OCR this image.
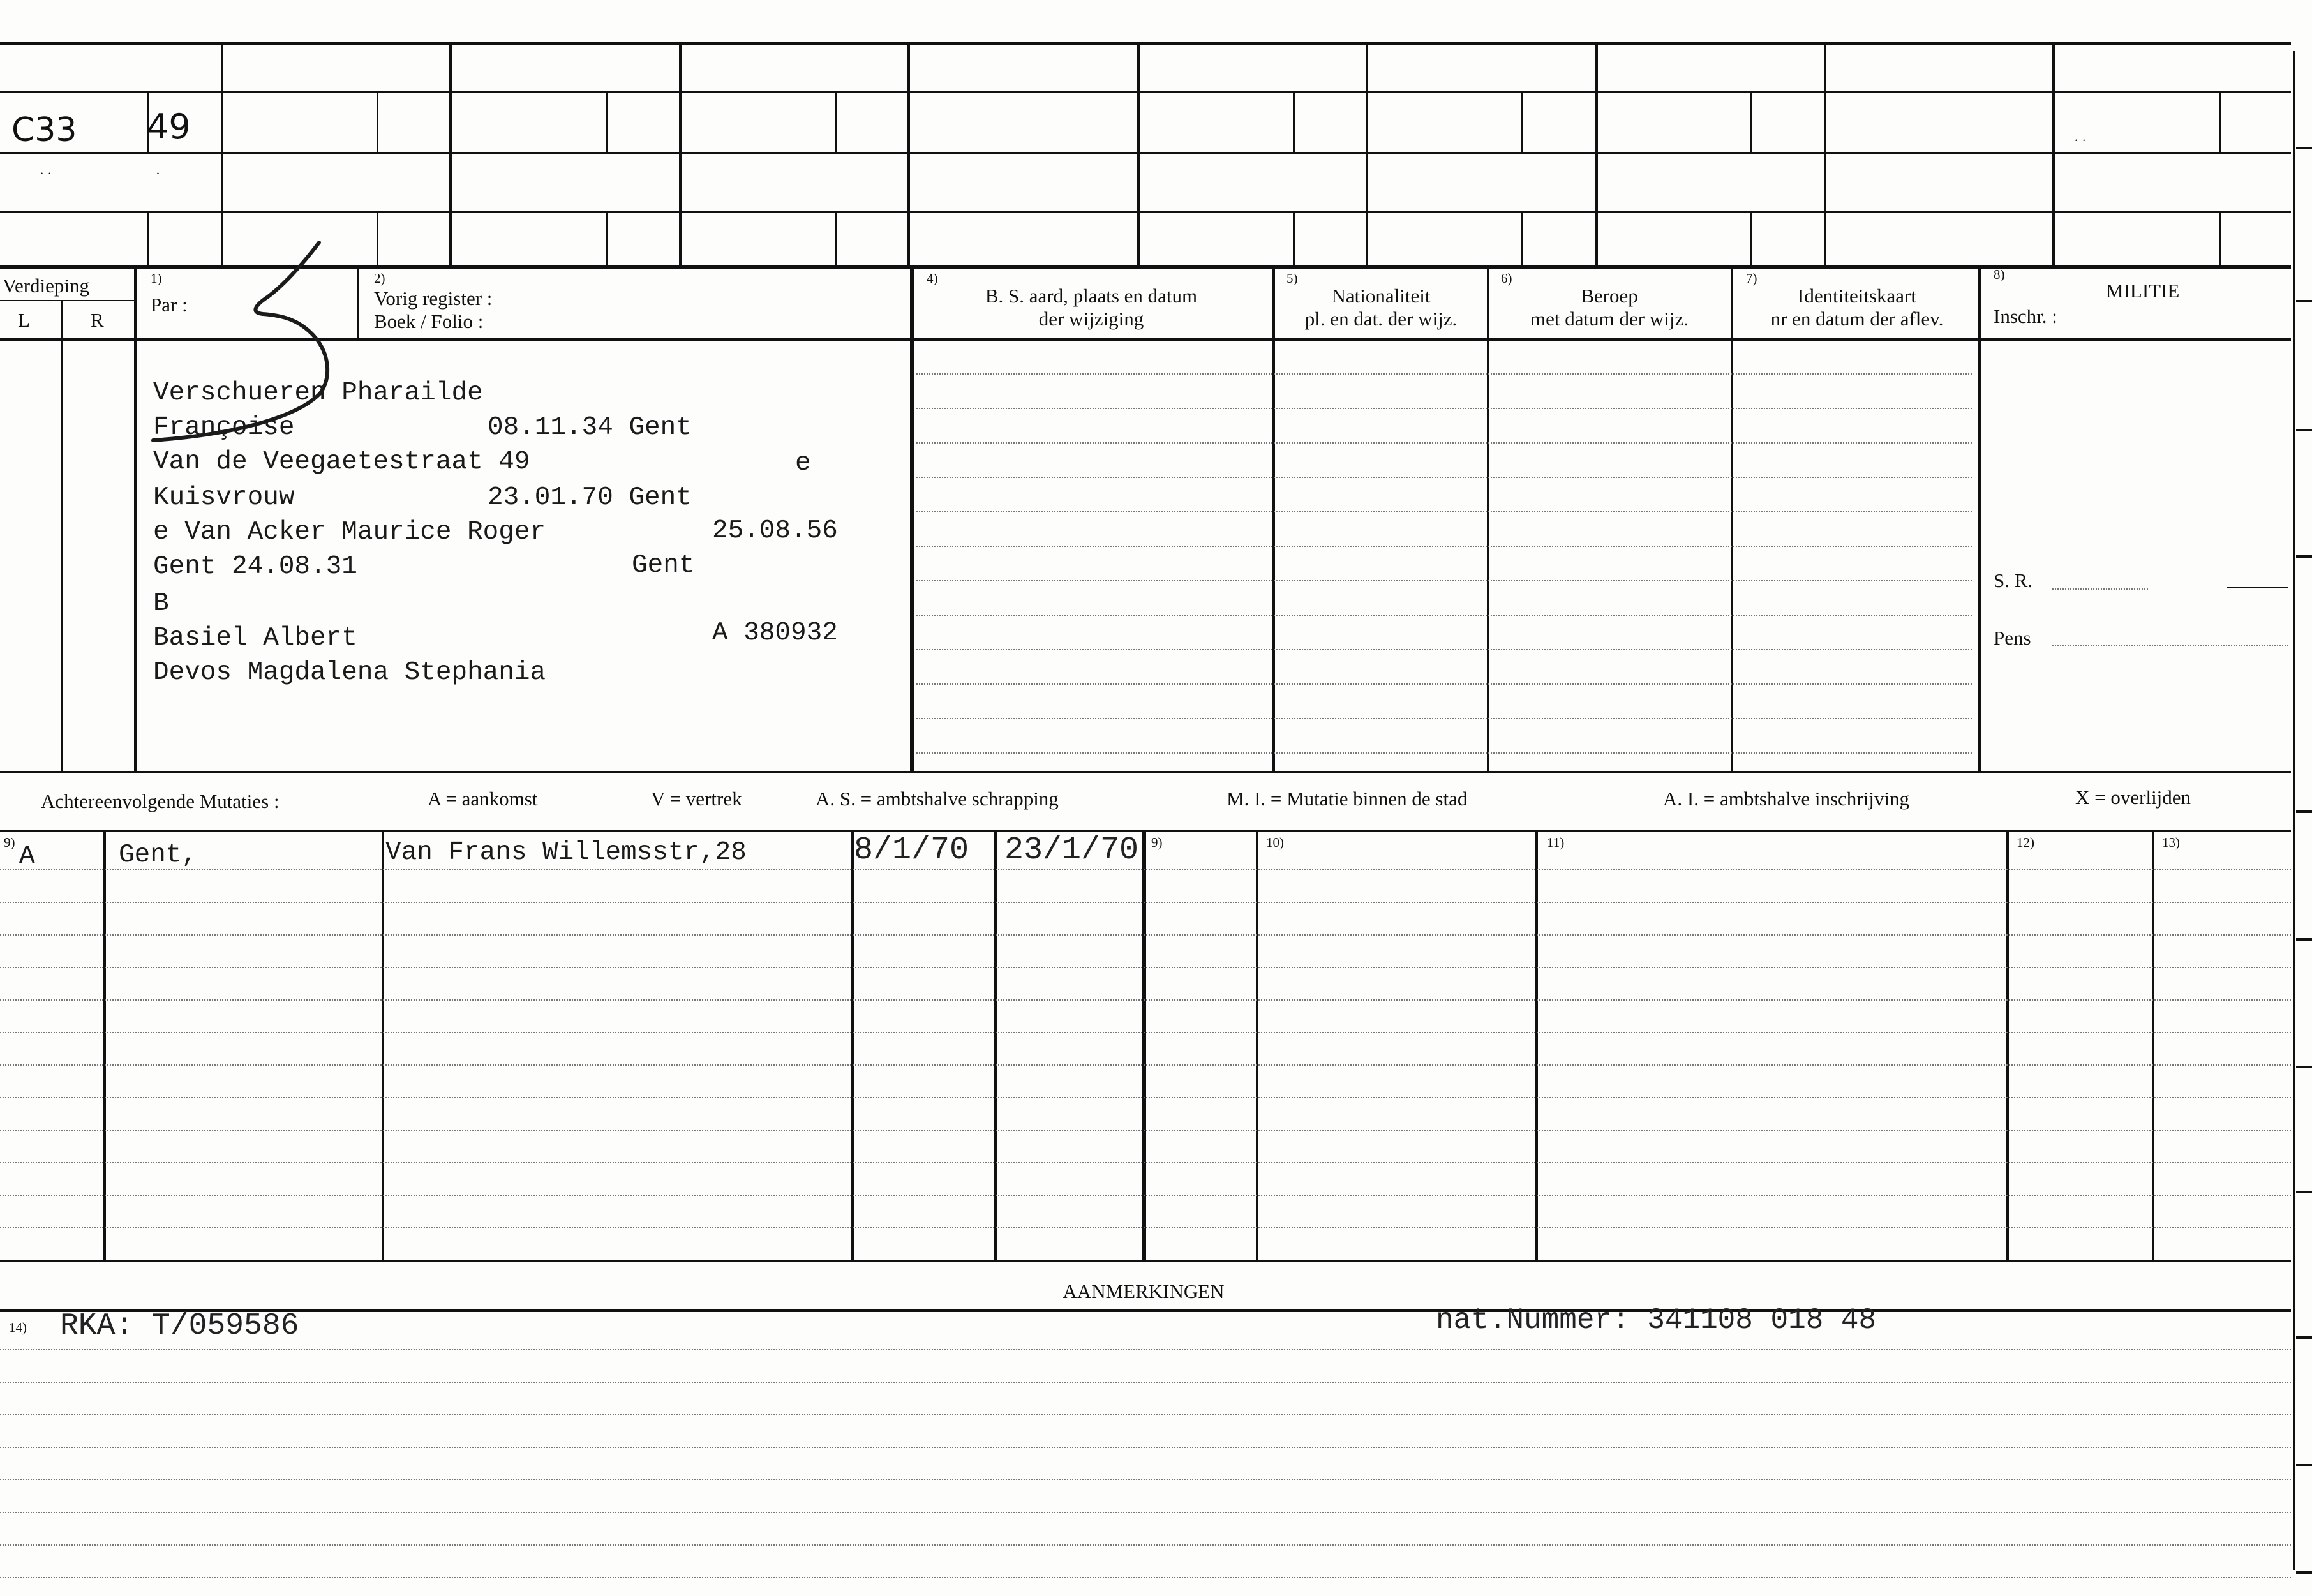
C33 49
· ·	·
· ·
Verdieping
L	R
1)
Par :
2)
Vorig register :
Boek / Folio :
4)
B. S. aard, plaats en datum
der wijziging
5)
Nationaliteit
pl. en dat. der wijz.
6)
Beroep
met datum der wijz.
7)
Identiteitskaart
nr en datum der aflev.
8)
MILITIE
Inschr. :
S. R.
Pens
Verschueren Pharailde
Françoise	08.11.34 Gent
Van de Veegaetestraat 49	e
Kuisvrouw	23.01.70 Gent
e Van Acker Maurice Roger	25.08.56
Gent 24.08.31	Gent
B
Basiel Albert	A 380932
Devos Magdalena Stephania
Achtereenvolgende Mutaties :	A = aankomst	V = vertrek	A. S. = ambtshalve schrapping	M. I. = Mutatie binnen de stad	A. I. = ambtshalve inschrijving	X = overlijden
9)	9)	10)	11)	12)	13)
A	Gent,	Van Frans Willemsstr,28	8/1/70 23/1/70
AANMERKINGEN
14) RKA: T/059586	nat.Nummer: 341108 018 48
